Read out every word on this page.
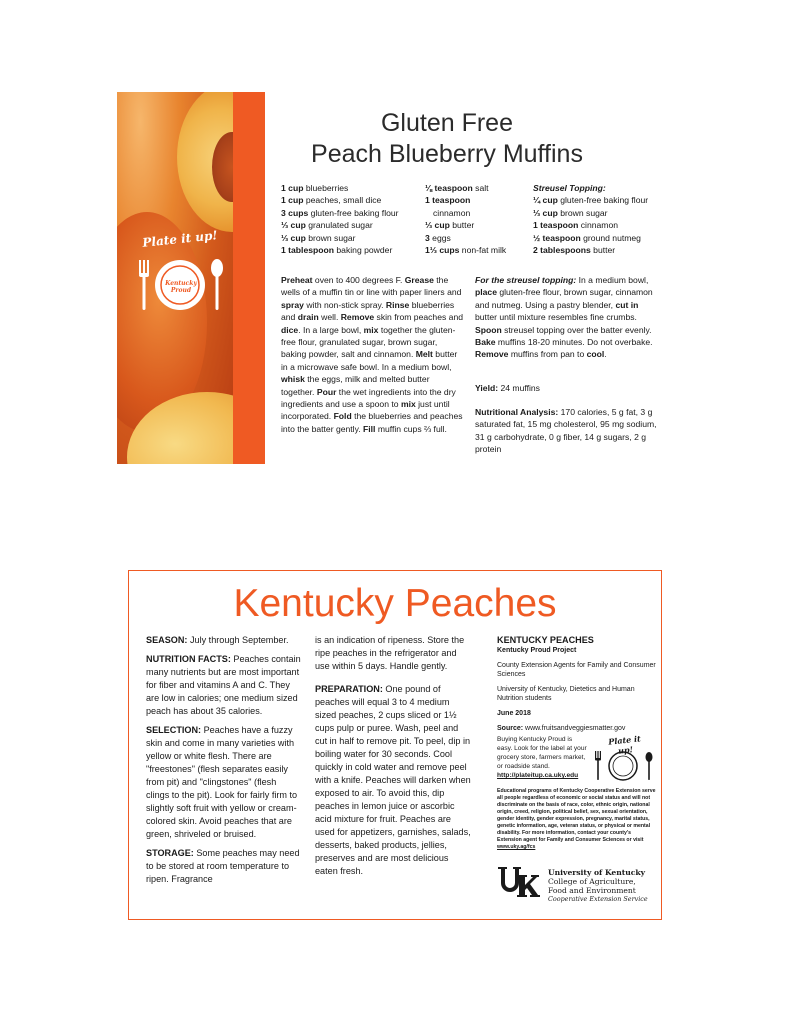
Plate it up!
Kentucky Proud
Gluten Free
Peach Blueberry Muffins
1 cup blueberries
1 cup peaches, small dice
3 cups gluten-free baking flour
⅓ cup granulated sugar
⅓ cup brown sugar
1 tablespoon baking powder
⅛ teaspoon salt
1 teaspoon
cinnamon
⅓ cup butter
3 eggs
1⅓ cups non-fat milk
Streusel Topping:
¼ cup gluten-free baking flour
⅓ cup brown sugar
1 teaspoon cinnamon
½ teaspoon ground nutmeg
2 tablespoons butter
Preheat oven to 400 degrees F. Grease the wells of a muffin tin or line with paper liners and spray with non-stick spray. Rinse blueberries and drain well. Remove skin from peaches and dice. In a large bowl, mix together the gluten-free flour, granulated sugar, brown sugar, baking powder, salt and cinnamon. Melt butter in a microwave safe bowl. In a medium bowl, whisk the eggs, milk and melted butter together. Pour the wet ingredients into the dry ingredients and use a spoon to mix just until incorporated. Fold the blueberries and peaches into the batter gently. Fill muffin cups ⅔ full.
For the streusel topping: In a medium bowl, place gluten-free flour, brown sugar, cinnamon and nutmeg. Using a pastry blender, cut in butter until mixture resembles fine crumbs. Spoon streusel topping over the batter evenly. Bake muffins 18-20 minutes. Do not overbake. Remove muffins from pan to cool.
Yield: 24 muffins
Nutritional Analysis: 170 calories, 5 g fat, 3 g saturated fat, 15 mg cholesterol, 95 mg sodium, 31 g carbohydrate, 0 g fiber, 14 g sugars, 2 g protein
Kentucky Peaches

SEASON: July through September.

NUTRITION FACTS: Peaches contain many nutrients but are most important for fiber and vitamins A and C. They are low in calories; one medium sized peach has about 35 calories.

SELECTION: Peaches have a fuzzy skin and come in many varieties with yellow or white flesh. There are "freestones" (flesh separates easily from pit) and "clingstones" (flesh clings to the pit). Look for fairly firm to slightly soft fruit with yellow or cream-colored skin. Avoid peaches that are green, shriveled or bruised.

STORAGE: Some peaches may need to be stored at room temperature to ripen. Fragrance

is an indication of ripeness. Store the ripe peaches in the refrigerator and use within 5 days. Handle gently.

PREPARATION: One pound of peaches will equal 3 to 4 medium sized peaches, 2 cups sliced or 1½ cups pulp or puree. Wash, peel and cut in half to remove pit. To peel, dip in boiling water for 30 seconds. Cool quickly in cold water and remove peel with a knife. Peaches will darken when exposed to air. To avoid this, dip peaches in lemon juice or ascorbic acid mixture for fruit. Peaches are used for appetizers, garnishes, salads, desserts, baked products, jellies, preserves and are most delicious eaten fresh.

KENTUCKY PEACHES
Kentucky Proud Project
County Extension Agents for Family and Consumer Sciences
University of Kentucky, Dietetics and Human Nutrition students
June 2018
Source: www.fruitsandveggiesmatter.gov
Buying Kentucky Proud is easy. Look for the label at your grocery store, farmers market, or roadside stand. http://plateitup.ca.uky.edu
Plate it up!
Educational programs of Kentucky Cooperative Extension serve all people regardless of economic or social status and will not discriminate on the basis of race, color, ethnic origin, national origin, creed, religion, political belief, sex, sexual orientation, gender identity, gender expression, pregnancy, marital status, genetic information, age, veteran status, or physical or mental disability. For more information, contact your county's Extension agent for Family and Consumer Sciences or visit www.uky.ag/fcs
University of Kentucky
College of Agriculture,
Food and Environment
Cooperative Extension Service
